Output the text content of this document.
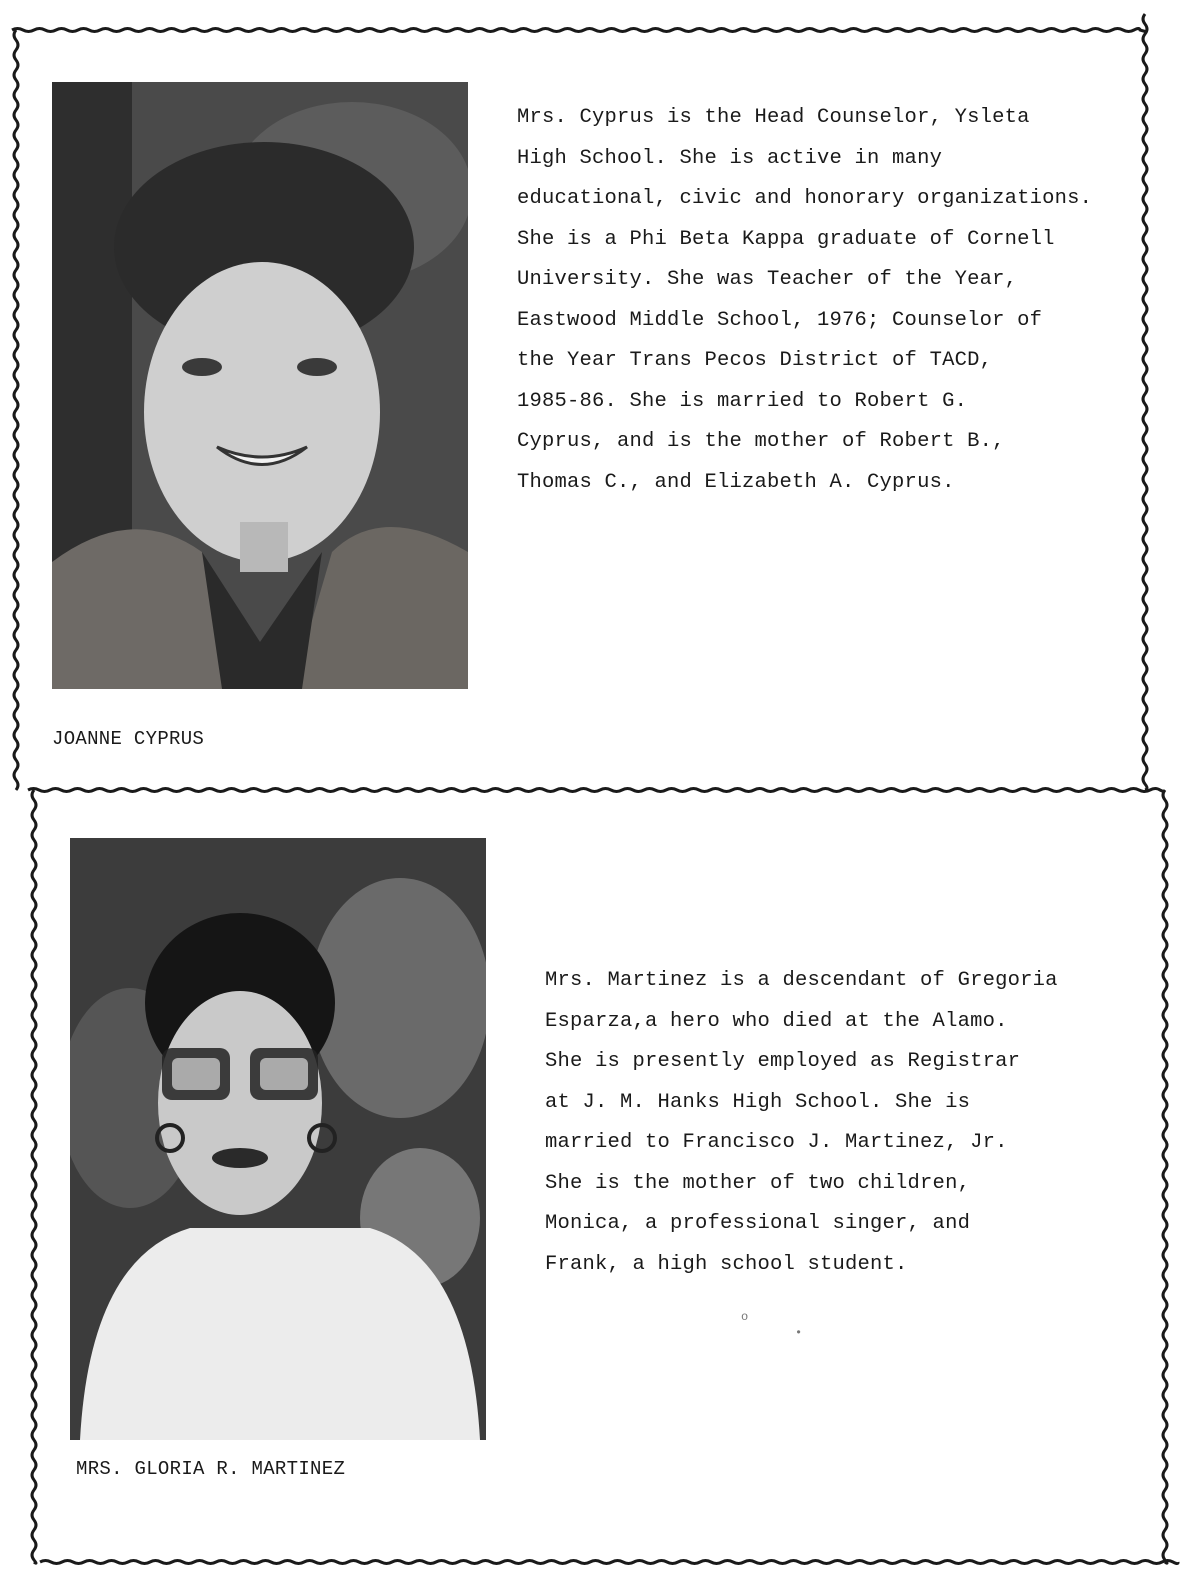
Mrs. Cyprus is the Head Counselor, Ysleta
High School. She is active in many
educational, civic and honorary organizations.
She is a Phi Beta Kappa graduate of Cornell
University. She was Teacher of the Year,
Eastwood Middle School, 1976; Counselor of
the Year Trans Pecos District of TACD,
1985-86. She is married to Robert G.
Cyprus, and is the mother of Robert B.,
Thomas C., and Elizabeth A. Cyprus.
JOANNE CYPRUS
Mrs. Martinez is a descendant of Gregoria
Esparza,a hero who died at the Alamo.
She is presently employed as Registrar
at J. M. Hanks High School. She is
married to Francisco J. Martinez, Jr.
She is the mother of two children,
Monica, a professional singer, and
Frank, a high school student.
MRS. GLORIA R. MARTINEZ
o
•
